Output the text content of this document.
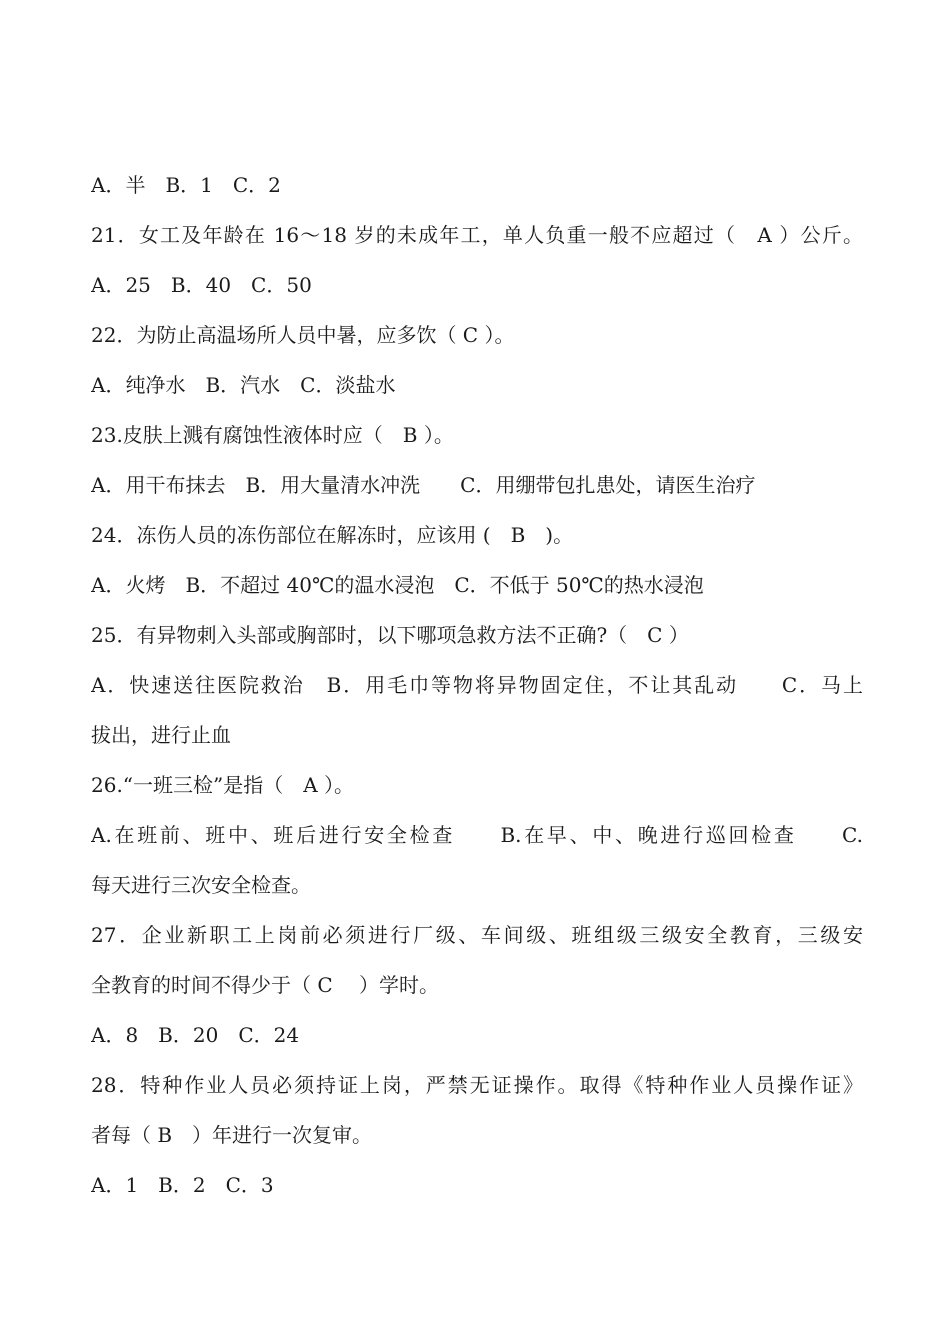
A．半　B．1　C．2
21．女工及年龄在 16～18 岁的未成年工，单人负重一般不应超过（　A ）公斤。
A．25　B．40　C．50
22．为防止高温场所人员中暑，应多饮（ C ）。
A．纯净水　B．汽水　C．淡盐水
23.皮肤上溅有腐蚀性液体时应（　B ）。
A．用干布抹去　B．用大量清水冲洗　　C．用绷带包扎患处，请医生治疗
24．冻伤人员的冻伤部位在解冻时，应该用 (　B　)。
A．火烤　B．不超过 40℃的温水浸泡　C．不低于 50℃的热水浸泡
25．有异物刺入头部或胸部时，以下哪项急救方法不正确?（　C ）
A．快速送往医院救治　B．用毛巾等物将异物固定住，不让其乱动　　C．马上
拔出，进行止血
26.“一班三检”是指（　A ）。
A.在班前、班中、班后进行安全检查　　B.在早、中、晚进行巡回检查　　C.
每天进行三次安全检查。
27．企业新职工上岗前必须进行厂级、车间级、班组级三级安全教育，三级安
全教育的时间不得少于（ C　 ）学时。
A．8　B．20　C．24
28．特种作业人员必须持证上岗，严禁无证操作。取得《特种作业人员操作证》
者每（ B　）年进行一次复审。
A．1　B．2　C．3
